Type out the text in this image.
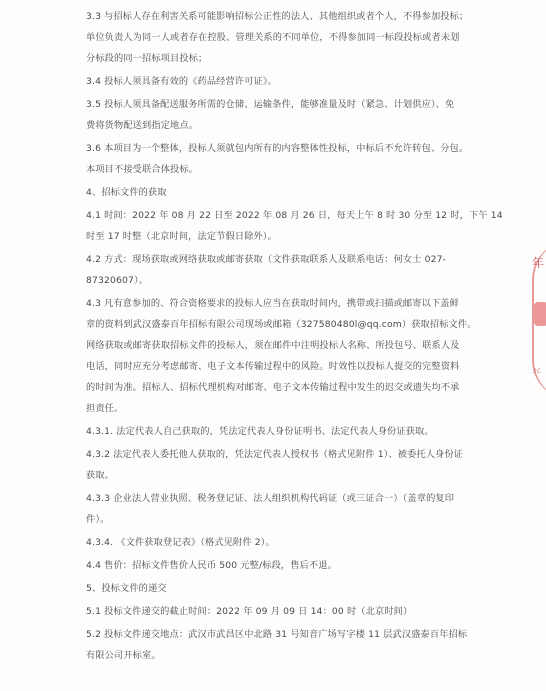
3.3 与招标人存在利害关系可能影响招标公正性的法人、其他组织或者个人，不得参加投标；
单位负责人为同一人或者存在控股、管理关系的不同单位，不得参加同一标段投标或者未划
分标段的同一招标项目投标；
3.4 投标人须具备有效的《药品经营许可证》。
3.5 投标人须具备配送服务所需的仓储、运输条件，能够准量及时（紧急、计划供应）、免
费将货物配送到指定地点。
3.6 本项目为一个整体，投标人须就包内所有的内容整体性投标，中标后不允许转包、分包。
本项目不接受联合体投标。
4、招标文件的获取
4.1 时间：2022 年 08 月 22 日至 2022 年 08 月 26 日，每天上午 8 时 30 分至 12 时，下午 14
时至 17 时整（北京时间，法定节假日除外）。
4.2 方式：现场获取或网络获取或邮寄获取（文件获取联系人及联系电话：何女士 027-
87320607）。
4.3 凡有意参加的、符合资格要求的投标人应当在获取时间内，携带或扫描或邮寄以下盖鲜
章的资料到武汉盛泰百年招标有限公司现场或邮箱（327580480l@qq.com）获取招标文件。
网络获取或邮寄获取招标文件的投标人，须在邮件中注明投标人名称、所投包号、联系人及
电话，同时应充分考虑邮寄、电子文本传输过程中的风险。时效性以投标人提交的完整资料
的时间为准。招标人、招标代理机构对邮寄、电子文本传输过程中发生的迟交或遗失均不承
担责任。
4.3.1. 法定代表人自己获取的，凭法定代表人身份证明书、法定代表人身份证获取。
4.3.2 法定代表人委托他人获取的，凭法定代表人授权书（格式见附件 1）、被委托人身份证
获取。
4.3.3 企业法人营业执照、税务登记证、法人组织机构代码证（或三证合一）（盖章的复印
件）。
4.3.4. 《文件获取登记表》（格式见附件 2）。
4.4 售价：招标文件售价人民币 500 元整/标段，售后不退。
5、投标文件的递交
5.1 投标文件递交的截止时间：2022 年 09 月 09 日 14：00 时（北京时间）
5.2 投标文件递交地点：武汉市武昌区中北路 31 号知音广场写字楼 11 层武汉盛泰百年招标
有限公司开标室。
年
2C
